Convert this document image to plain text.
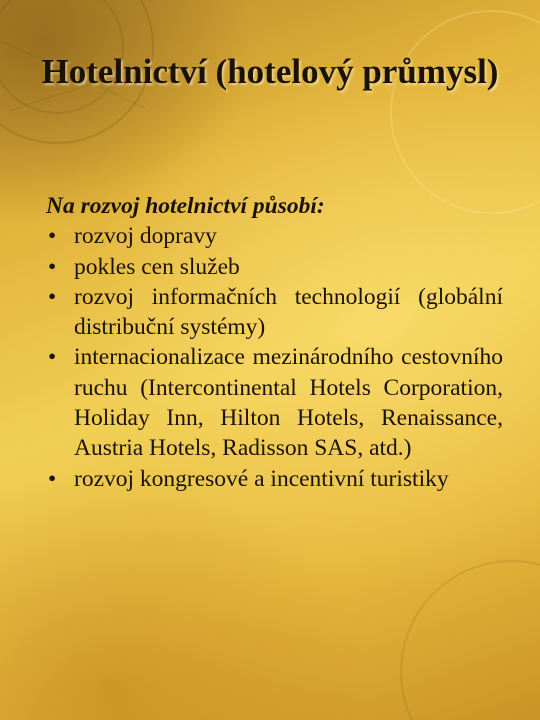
Hotelnictví (hotelový průmysl)

Na rozvoj hotelnictví působí:

• rozvoj dopravy
• pokles cen služeb
• rozvoj informačních technologií (globální distribuční systémy)
• internacionalizace mezinárodního cestovního ruchu (Intercontinental Hotels Corporation, Holiday Inn, Hilton Hotels, Renaissance, Austria Hotels, Radisson SAS, atd.)
• rozvoj kongresové a incentivní turistiky
